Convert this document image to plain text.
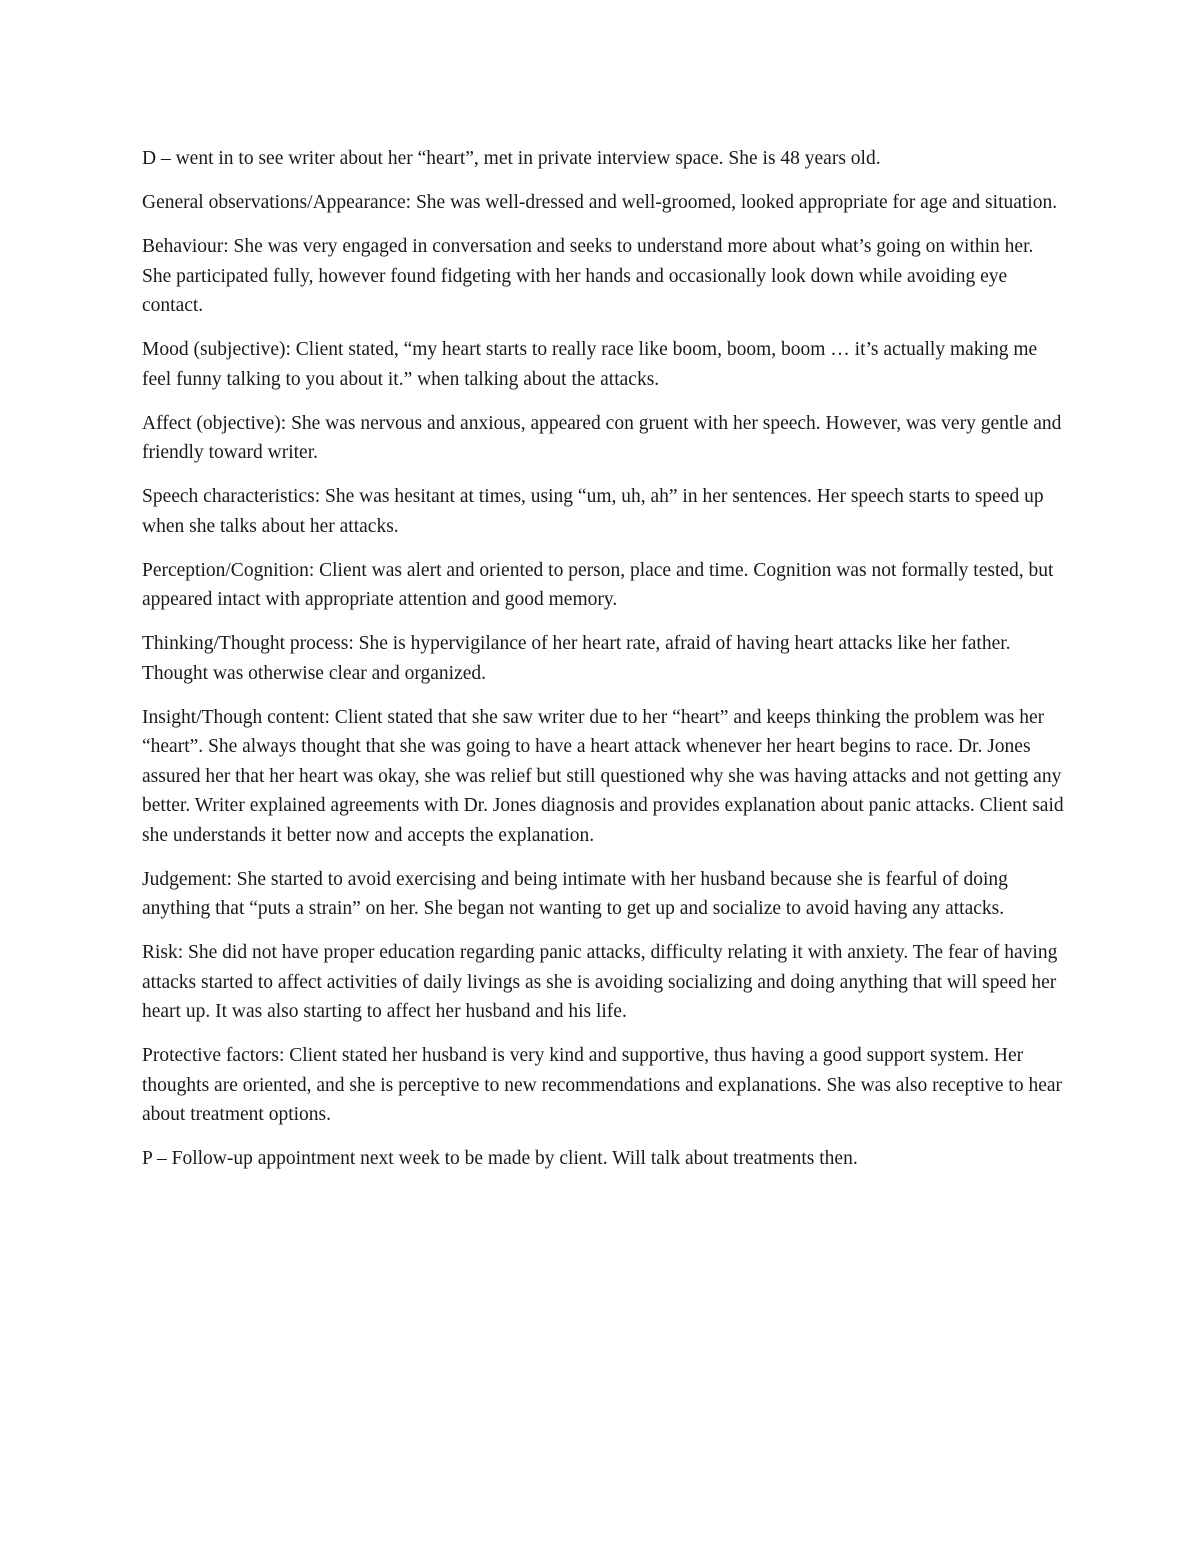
D – went in to see writer about her “heart”, met in private interview space. She is 48 years old.

General observations/Appearance: She was well-dressed and well-groomed, looked appropriate for age and situation.

Behaviour: She was very engaged in conversation and seeks to understand more about what’s going on within her. She participated fully, however found fidgeting with her hands and occasionally look down while avoiding eye contact.

Mood (subjective): Client stated, “my heart starts to really race like boom, boom, boom … it’s actually making me feel funny talking to you about it.” when talking about the attacks.

Affect (objective): She was nervous and anxious, appeared con gruent with her speech. However, was very gentle and friendly toward writer.

Speech characteristics: She was hesitant at times, using “um, uh, ah” in her sentences. Her speech starts to speed up when she talks about her attacks.

Perception/Cognition: Client was alert and oriented to person, place and time. Cognition was not formally tested, but appeared intact with appropriate attention and good memory.

Thinking/Thought process: She is hypervigilance of her heart rate, afraid of having heart attacks like her father. Thought was otherwise clear and organized.

Insight/Though content: Client stated that she saw writer due to her “heart” and keeps thinking the problem was her “heart”. She always thought that she was going to have a heart attack whenever her heart begins to race. Dr. Jones assured her that her heart was okay, she was relief but still questioned why she was having attacks and not getting any better. Writer explained agreements with Dr. Jones diagnosis and provides explanation about panic attacks. Client said she understands it better now and accepts the explanation.

Judgement: She started to avoid exercising and being intimate with her husband because she is fearful of doing anything that “puts a strain” on her. She began not wanting to get up and socialize to avoid having any attacks.

Risk: She did not have proper education regarding panic attacks, difficulty relating it with anxiety. The fear of having attacks started to affect activities of daily livings as she is avoiding socializing and doing anything that will speed her heart up. It was also starting to affect her husband and his life.

Protective factors: Client stated her husband is very kind and supportive, thus having a good support system. Her thoughts are oriented, and she is perceptive to new recommendations and explanations. She was also receptive to hear about treatment options.

P – Follow-up appointment next week to be made by client. Will talk about treatments then.
